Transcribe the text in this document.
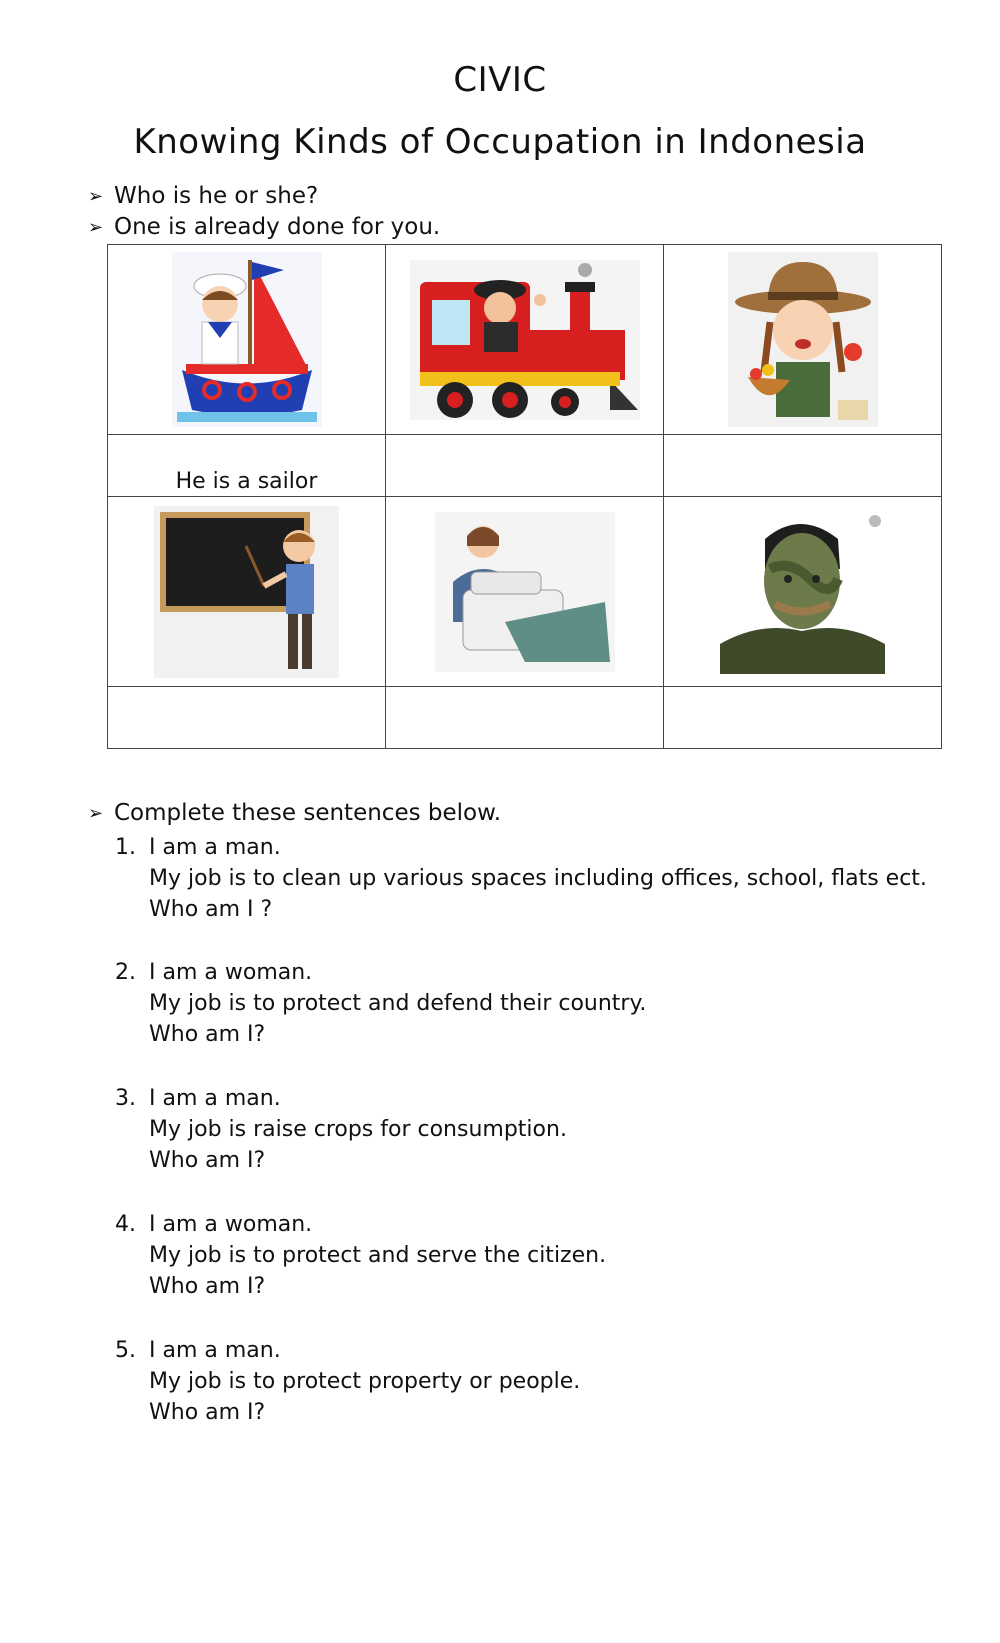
CIVIC
Knowing Kinds of Occupation in Indonesia
➢ Who is he or she?
➢ One is already done for you.

He is a sailor		

➢ Complete these sentences below.
1. I am a man.
My job is to clean up various spaces including offices, school, flats ect.
Who am I ?
2. I am a woman.
My job is to protect and defend their country.
Who am I?
3. I am a man.
My job is raise crops for consumption.
Who am I?
4. I am a woman.
My job is to protect and serve the citizen.
Who am I?
5. I am a man.
My job is to protect property or people.
Who am I?
